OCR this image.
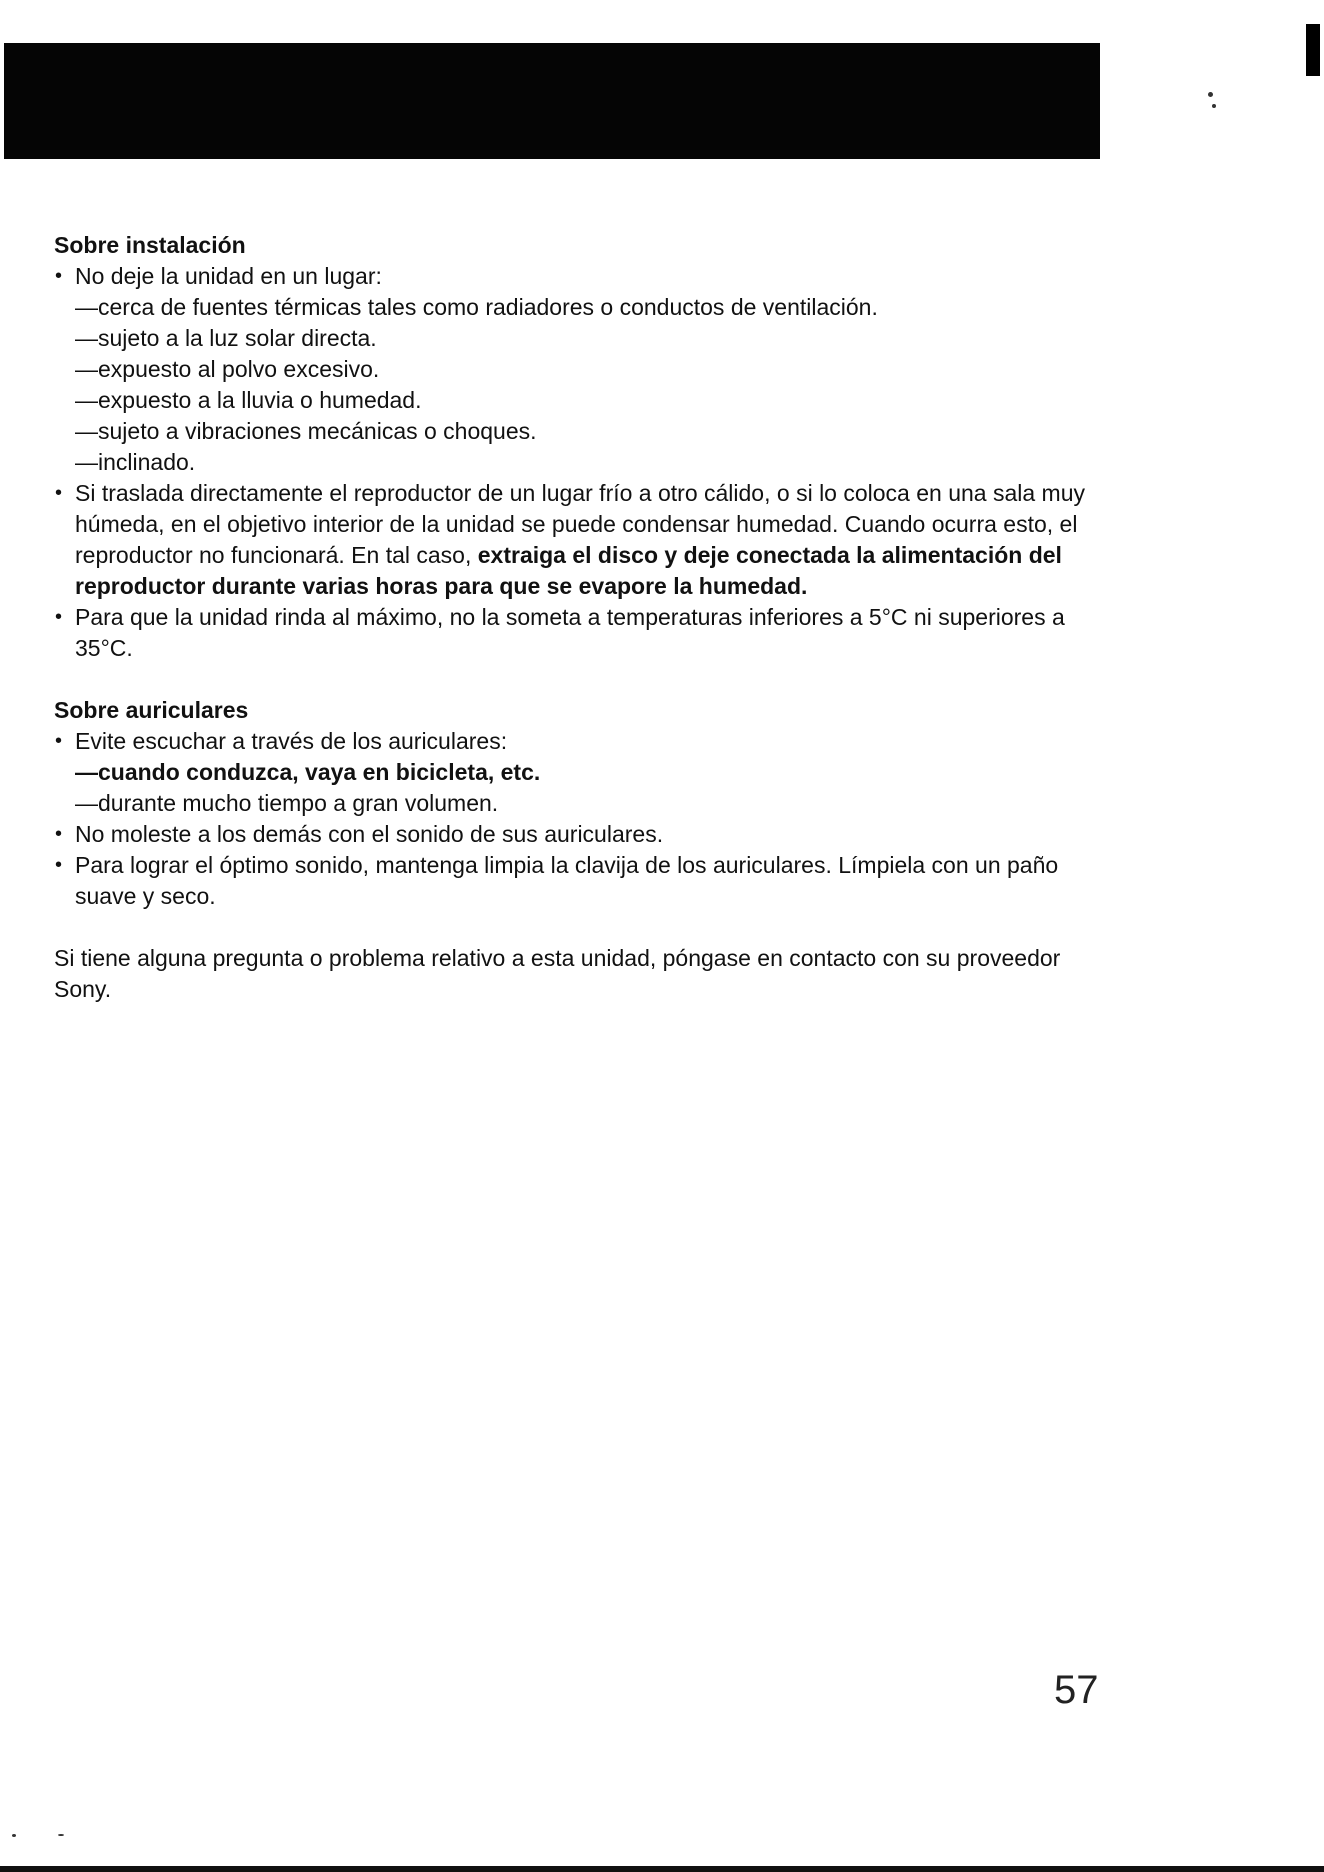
Sobre instalación
• No deje la unidad en un lugar:
—cerca de fuentes térmicas tales como radiadores o conductos de ventilación.
—sujeto a la luz solar directa.
—expuesto al polvo excesivo.
—expuesto a la lluvia o humedad.
—sujeto a vibraciones mecánicas o choques.
—inclinado.
• Si traslada directamente el reproductor de un lugar frío a otro cálido, o si lo coloca en una sala muy húmeda, en el objetivo interior de la unidad se puede condensar humedad. Cuando ocurra esto, el reproductor no funcionará. En tal caso, extraiga el disco y deje conectada la alimentación del reproductor durante varias horas para que se evapore la humedad.
• Para que la unidad rinda al máximo, no la someta a temperaturas inferiores a 5°C ni superiores a 35°C.
Sobre auriculares
• Evite escuchar a través de los auriculares:
—cuando conduzca, vaya en bicicleta, etc.
—durante mucho tiempo a gran volumen.
• No moleste a los demás con el sonido de sus auriculares.
• Para lograr el óptimo sonido, mantenga limpia la clavija de los auriculares. Límpiela con un paño suave y seco.

Si tiene alguna pregunta o problema relativo a esta unidad, póngase en contacto con su proveedor Sony.

57
